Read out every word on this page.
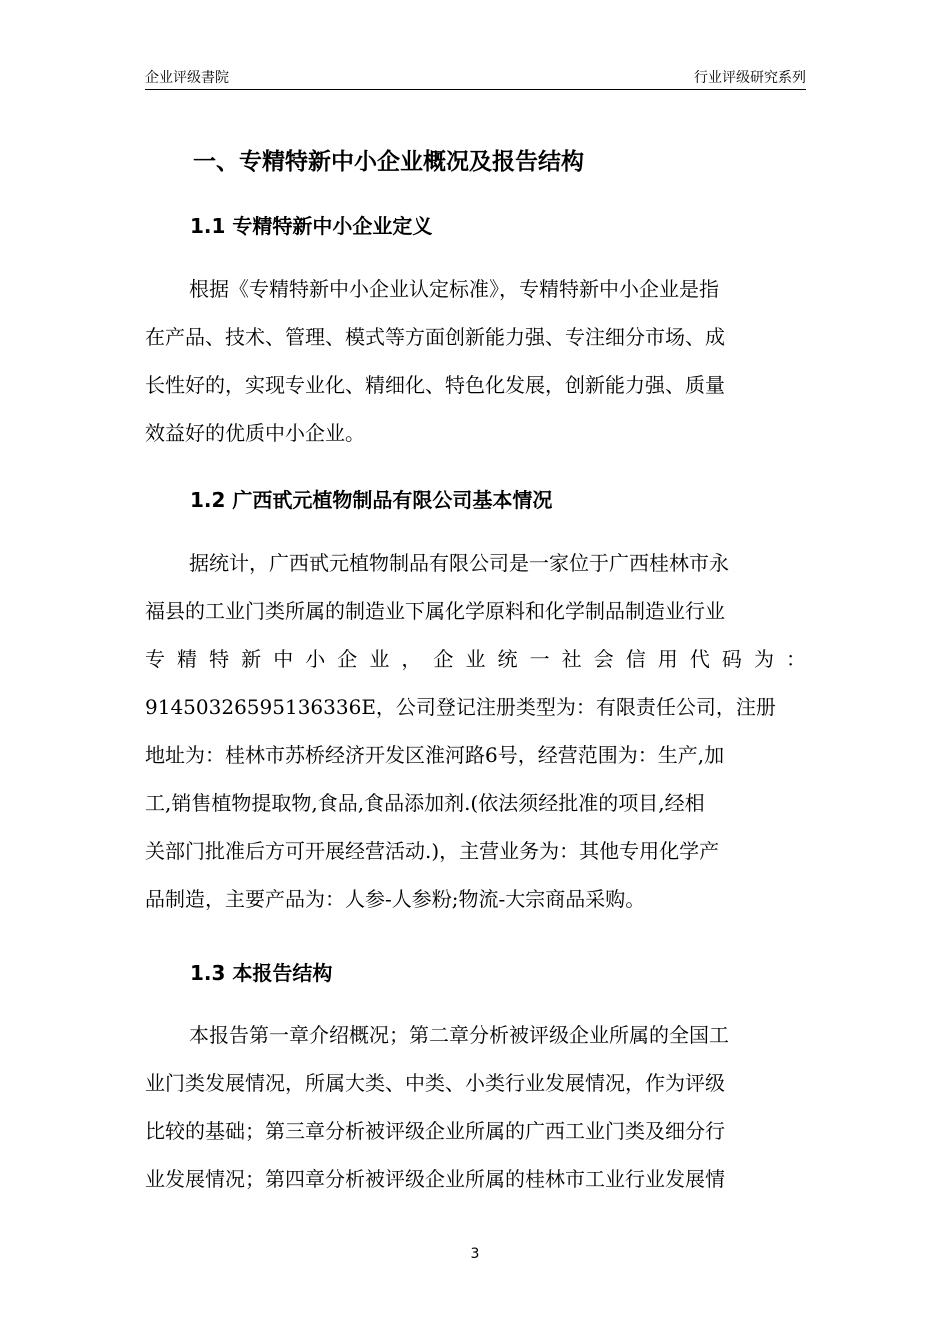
企业评级書院	行业评级研究系列
一、专精特新中小企业概况及报告结构
1.1 专精特新中小企业定义
根据《专精特新中小企业认定标准》，专精特新中小企业是指
在产品、技术、管理、模式等方面创新能力强、专注细分市场、成
长性好的，实现专业化、精细化、特色化发展，创新能力强、质量
效益好的优质中小企业。
1.2 广西甙元植物制品有限公司基本情况
据统计，广西甙元植物制品有限公司是一家位于广西桂林市永
福县的工业门类所属的制造业下属化学原料和化学制品制造业行业
专精特新中小企业，企业统一社会信用代码为：
91450326595136336E，公司登记注册类型为：有限责任公司，注册
地址为：桂林市苏桥经济开发区淮河路6号，经营范围为：生产,加
工,销售植物提取物,食品,食品添加剂.(依法须经批准的项目,经相
关部门批准后方可开展经营活动.)，主营业务为：其他专用化学产
品制造，主要产品为：人参-人参粉;物流-大宗商品采购。
1.3 本报告结构
本报告第一章介绍概况；第二章分析被评级企业所属的全国工
业门类发展情况，所属大类、中类、小类行业发展情况，作为评级
比较的基础；第三章分析被评级企业所属的广西工业门类及细分行
业发展情况；第四章分析被评级企业所属的桂林市工业行业发展情
3
